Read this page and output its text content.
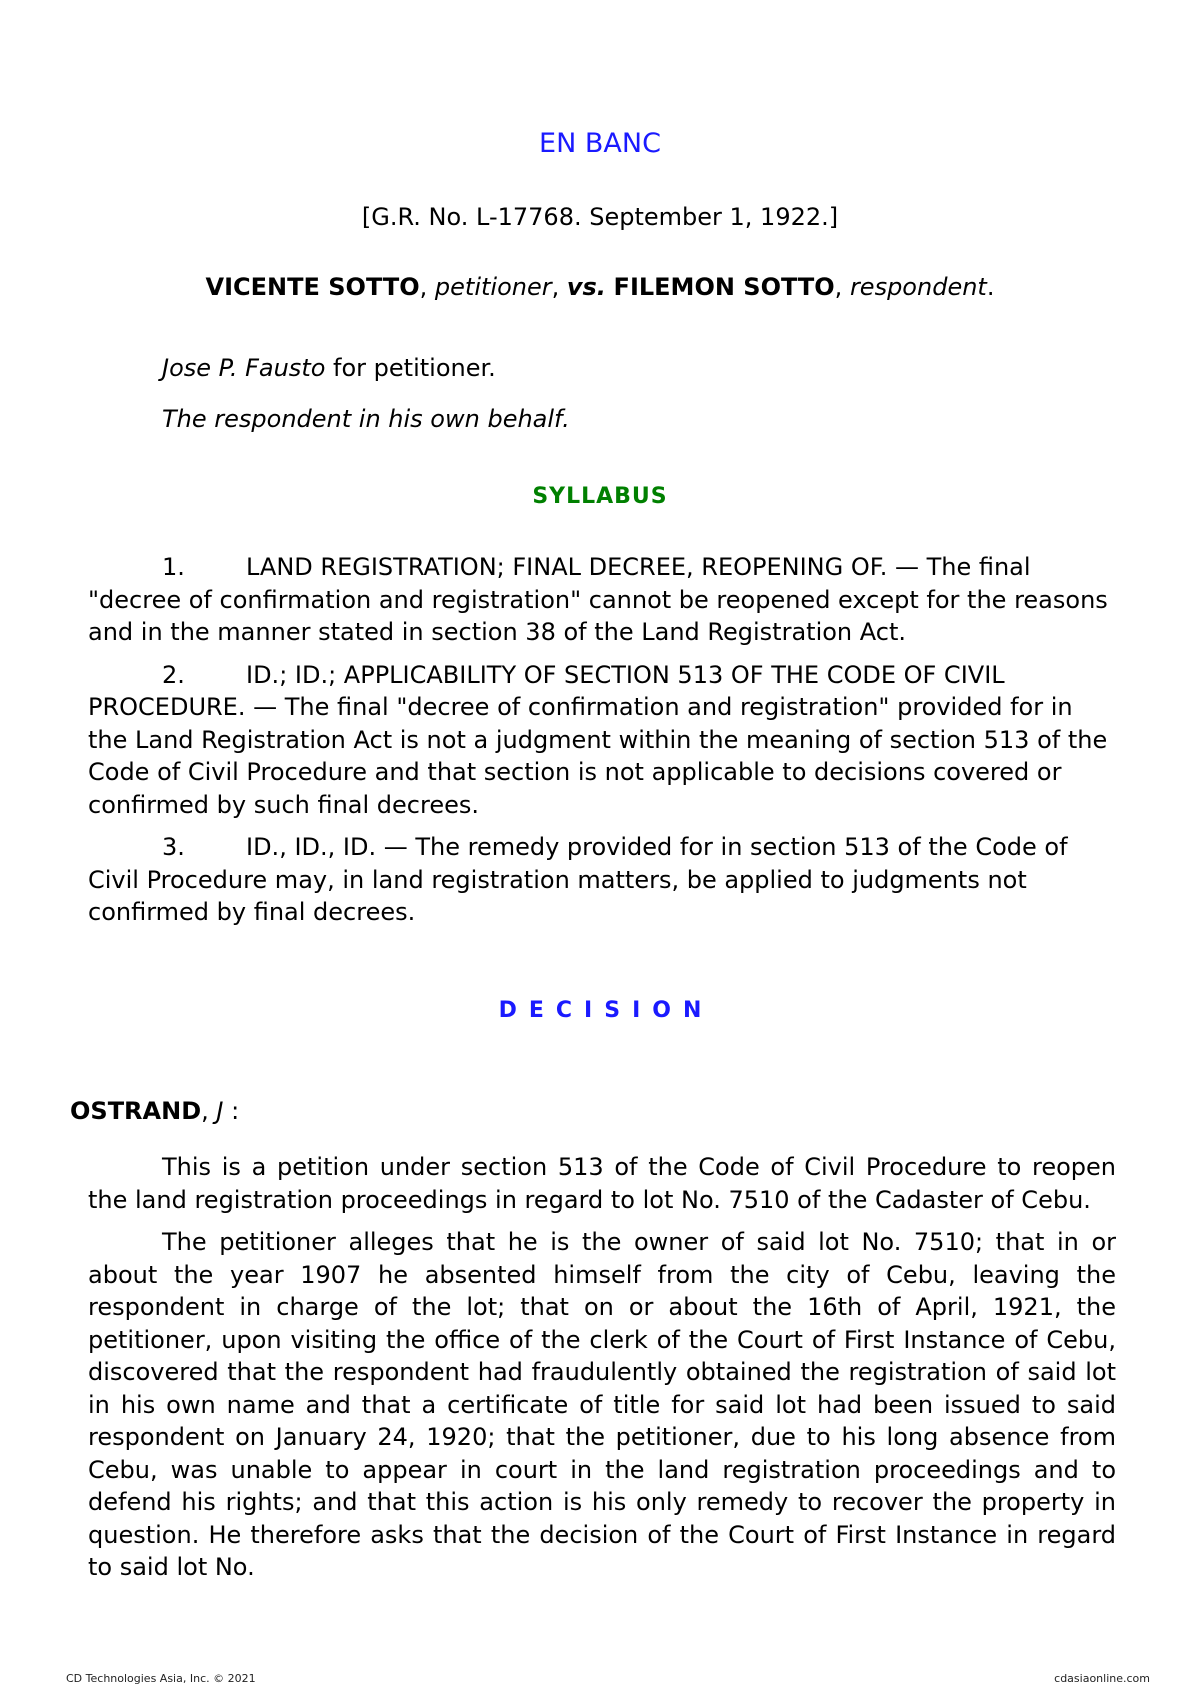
EN BANC
[G.R. No. L-17768. September 1, 1922.]
VICENTE SOTTO, petitioner, vs. FILEMON SOTTO, respondent.
Jose P. Fausto for petitioner.
The respondent in his own behalf.
SYLLABUS

1.	LAND REGISTRATION; FINAL DECREE, REOPENING OF. — The final "decree of confirmation and registration" cannot be reopened except for the reasons and in the manner stated in section 38 of the Land Registration Act.

2.	ID.; ID.; APPLICABILITY OF SECTION 513 OF THE CODE OF CIVIL PROCEDURE. — The final "decree of confirmation and registration" provided for in the Land Registration Act is not a judgment within the meaning of section 513 of the Code of Civil Procedure and that section is not applicable to decisions covered or confirmed by such final decrees.

3.	ID., ID., ID. — The remedy provided for in section 513 of the Code of Civil Procedure may, in land registration matters, be applied to judgments not confirmed by final decrees.

DECISION
OSTRAND, J :

This is a petition under section 513 of the Code of Civil Procedure to reopen the land registration proceedings in regard to lot No. 7510 of the Cadaster of Cebu.

The petitioner alleges that he is the owner of said lot No. 7510; that in or about the year 1907 he absented himself from the city of Cebu, leaving the respondent in charge of the lot; that on or about the 16th of April, 1921, the petitioner, upon visiting the office of the clerk of the Court of First Instance of Cebu, discovered that the respondent had fraudulently obtained the registration of said lot in his own name and that a certificate of title for said lot had been issued to said respondent on January 24, 1920; that the petitioner, due to his long absence from Cebu, was unable to appear in court in the land registration proceedings and to defend his rights; and that this action is his only remedy to recover the property in question. He therefore asks that the decision of the Court of First Instance in regard to said lot No.

CD Technologies Asia, Inc. © 2021	cdasiaonline.com
